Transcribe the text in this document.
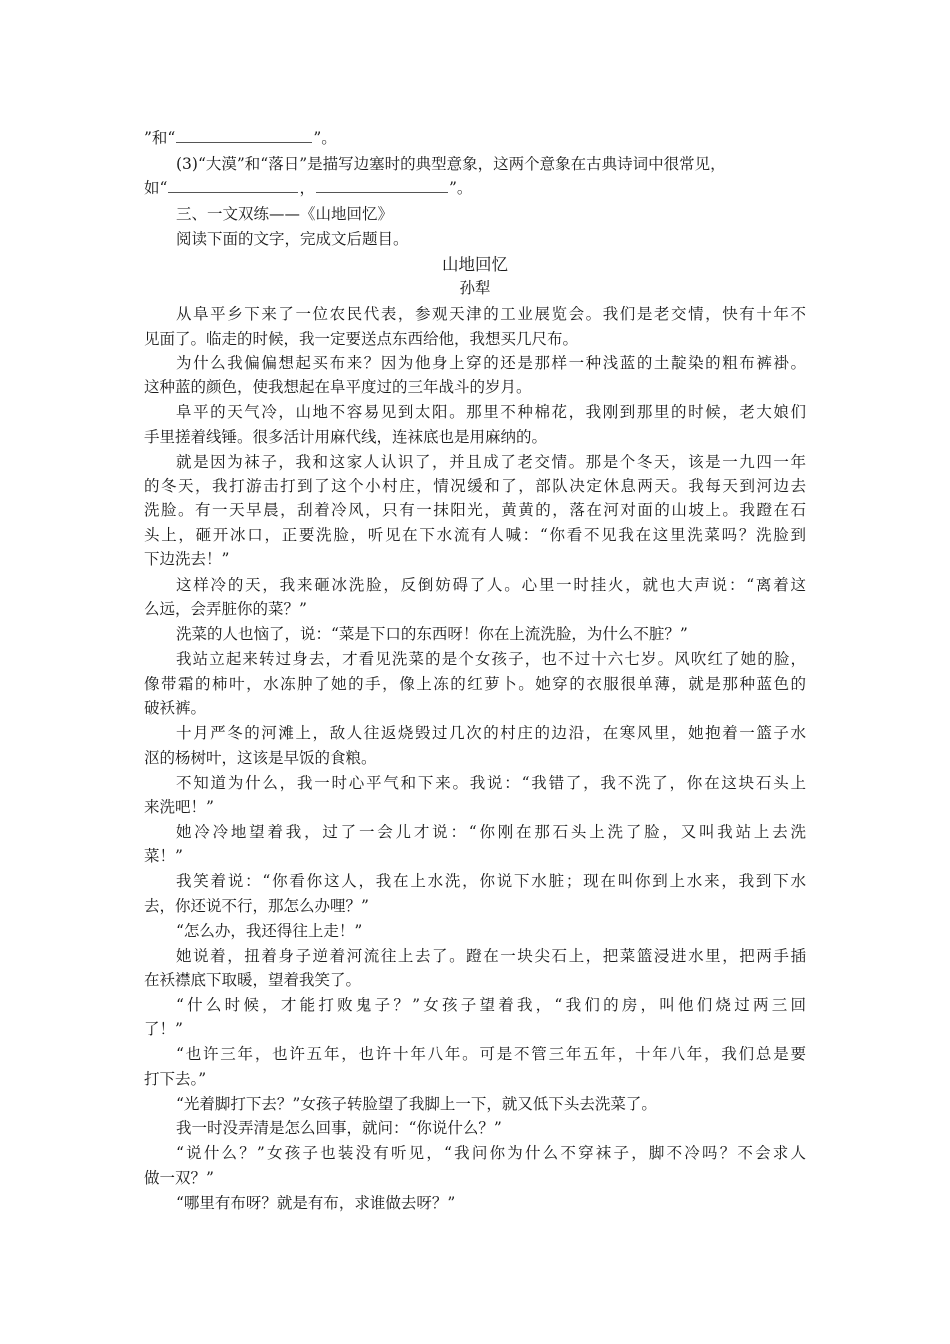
”和“	”。
(3)“大漠”和“落日”是描写边塞时的典型意象，这两个意象在古典诗词中很常见，
如“	，	”。
三、一文双练——《山地回忆》
阅读下面的文字，完成文后题目。
山地回忆
孙犁
从阜平乡下来了一位农民代表，参观天津的工业展览会。我们是老交情，快有十年不
见面了。临走的时候，我一定要送点东西给他，我想买几尺布。
为什么我偏偏想起买布来？因为他身上穿的还是那样一种浅蓝的土靛染的粗布裤褂。
这种蓝的颜色，使我想起在阜平度过的三年战斗的岁月。
阜平的天气冷，山地不容易见到太阳。那里不种棉花，我刚到那里的时候，老大娘们
手里搓着线锤。很多活计用麻代线，连袜底也是用麻纳的。
就是因为袜子，我和这家人认识了，并且成了老交情。那是个冬天，该是一九四一年
的冬天，我打游击打到了这个小村庄，情况缓和了，部队决定休息两天。我每天到河边去
洗脸。有一天早晨，刮着冷风，只有一抹阳光，黄黄的，落在河对面的山坡上。我蹬在石
头上，砸开冰口，正要洗脸，听见在下水流有人喊：“你看不见我在这里洗菜吗？洗脸到
下边洗去！”
这样冷的天，我来砸冰洗脸，反倒妨碍了人。心里一时挂火，就也大声说：“离着这
么远，会弄脏你的菜？”
洗菜的人也恼了，说：“菜是下口的东西呀！你在上流洗脸，为什么不脏？”
我站立起来转过身去，才看见洗菜的是个女孩子，也不过十六七岁。风吹红了她的脸，
像带霜的柿叶，水冻肿了她的手，像上冻的红萝卜。她穿的衣服很单薄，就是那种蓝色的
破袄裤。
十月严冬的河滩上，敌人往返烧毁过几次的村庄的边沿，在寒风里，她抱着一篮子水
沤的杨树叶，这该是早饭的食粮。
不知道为什么，我一时心平气和下来。我说：“我错了，我不洗了，你在这块石头上
来洗吧！”
她冷冷地望着我，过了一会儿才说：“你刚在那石头上洗了脸，又叫我站上去洗
菜！”
我笑着说：“你看你这人，我在上水洗，你说下水脏；现在叫你到上水来，我到下水
去，你还说不行，那怎么办哩？”
“怎么办，我还得往上走！”
她说着，扭着身子逆着河流往上去了。蹬在一块尖石上，把菜篮浸进水里，把两手插
在袄襟底下取暖，望着我笑了。
“什么时候，才能打败鬼子？”女孩子望着我，“我们的房，叫他们烧过两三回
了！”
“也许三年，也许五年，也许十年八年。可是不管三年五年，十年八年，我们总是要
打下去。”
“光着脚打下去？”女孩子转脸望了我脚上一下，就又低下头去洗菜了。
我一时没弄清是怎么回事，就问：“你说什么？”
“说什么？”女孩子也装没有听见，“我问你为什么不穿袜子，脚不冷吗？不会求人
做一双？”
“哪里有布呀？就是有布，求谁做去呀？”
